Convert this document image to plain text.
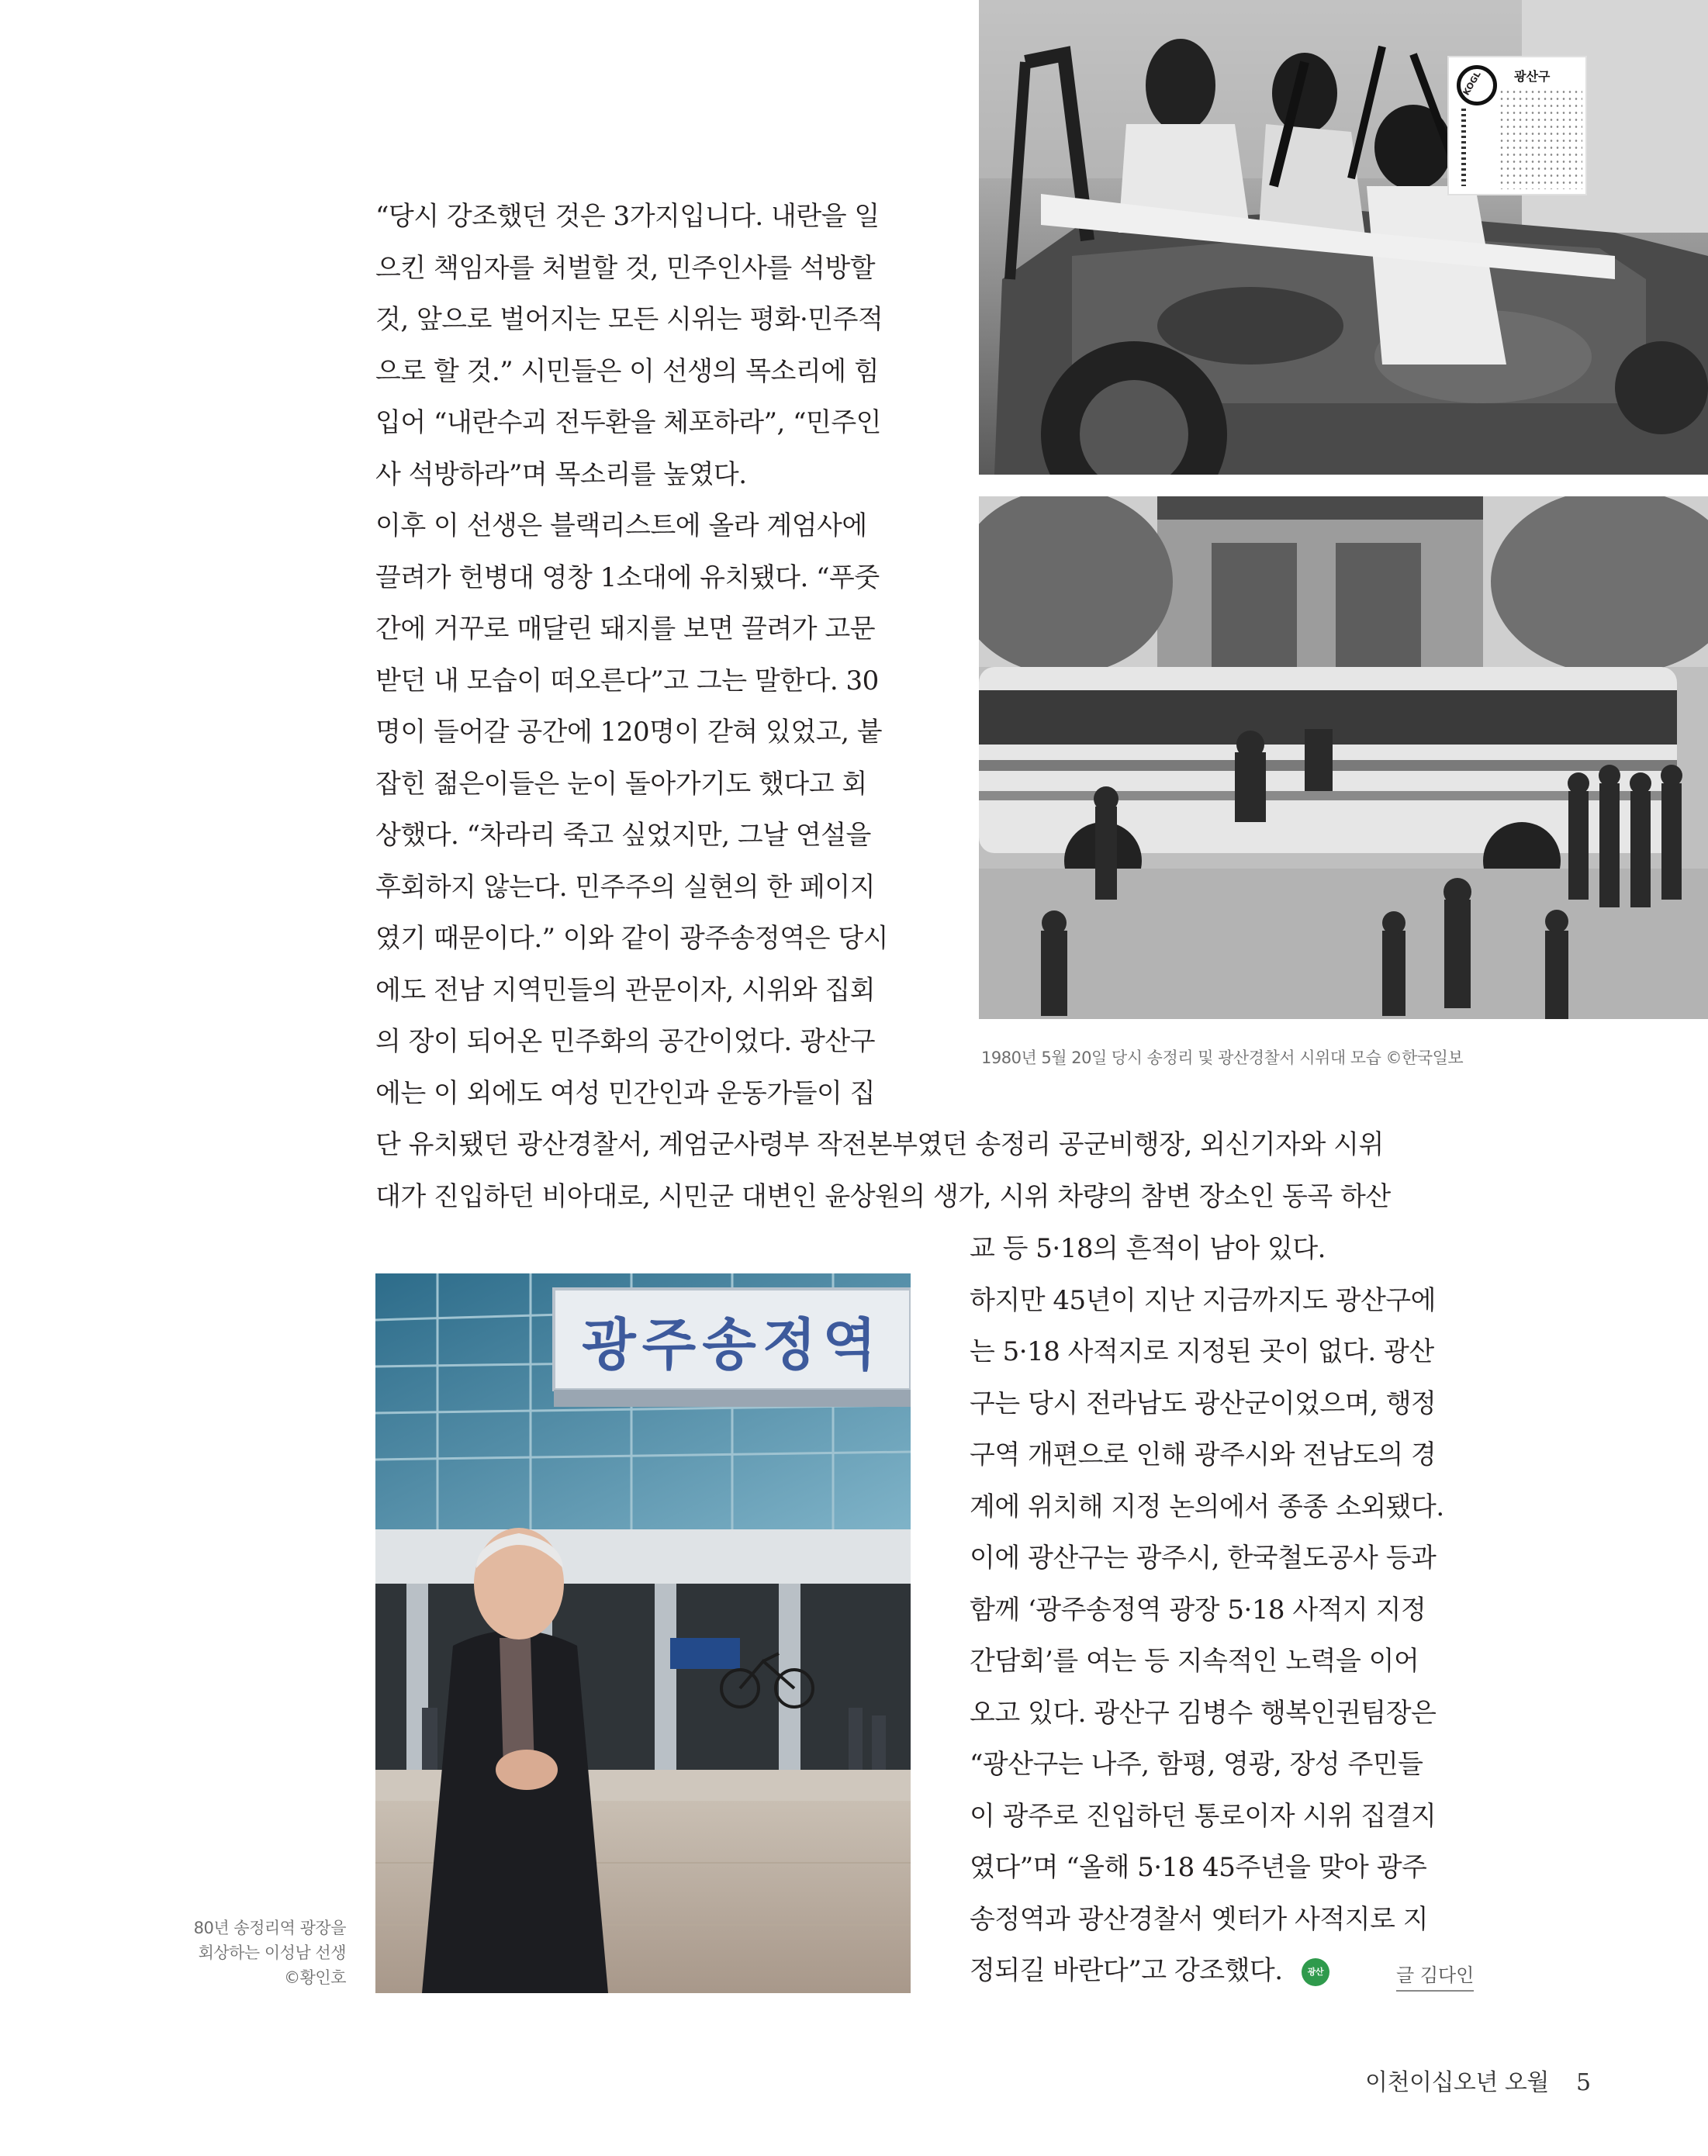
KOGL	광산구
1980년 5월 20일 당시 송정리 및 광산경찰서 시위대 모습 ©한국일보
“당시 강조했던 것은 3가지입니다. 내란을 일
으킨 책임자를 처벌할 것, 민주인사를 석방할
것, 앞으로 벌어지는 모든 시위는 평화·민주적
으로 할 것.” 시민들은 이 선생의 목소리에 힘
입어 “내란수괴 전두환을 체포하라”, “민주인
사 석방하라”며 목소리를 높였다.
이후 이 선생은 블랙리스트에 올라 계엄사에
끌려가 헌병대 영창 1소대에 유치됐다. “푸줏
간에 거꾸로 매달린 돼지를 보면 끌려가 고문
받던 내 모습이 떠오른다”고 그는 말한다. 30
명이 들어갈 공간에 120명이 갇혀 있었고, 붙
잡힌 젊은이들은 눈이 돌아가기도 했다고 회
상했다. “차라리 죽고 싶었지만, 그날 연설을
후회하지 않는다. 민주주의 실현의 한 페이지
였기 때문이다.” 이와 같이 광주송정역은 당시
에도 전남 지역민들의 관문이자, 시위와 집회
의 장이 되어온 민주화의 공간이었다. 광산구
에는 이 외에도 여성 민간인과 운동가들이 집
단 유치됐던 광산경찰서, 계엄군사령부 작전본부였던 송정리 공군비행장, 외신기자와 시위
대가 진입하던 비아대로, 시민군 대변인 윤상원의 생가, 시위 차량의 참변 장소인 동곡 하산
광주송정역
80년 송정리역 광장을
회상하는 이성남 선생
©황인호
교 등 5·18의 흔적이 남아 있다.
하지만 45년이 지난 지금까지도 광산구에
는 5·18 사적지로 지정된 곳이 없다. 광산
구는 당시 전라남도 광산군이었으며, 행정
구역 개편으로 인해 광주시와 전남도의 경
계에 위치해 지정 논의에서 종종 소외됐다.
이에 광산구는 광주시, 한국철도공사 등과
함께 ‘광주송정역 광장 5·18 사적지 지정
간담회’를 여는 등 지속적인 노력을 이어
오고 있다. 광산구 김병수 행복인권팀장은
“광산구는 나주, 함평, 영광, 장성 주민들
이 광주로 진입하던 통로이자 시위 집결지
였다”며 “올해 5·18 45주년을 맞아 광주
송정역과 광산경찰서 옛터가 사적지로 지
정되길 바란다”고 강조했다.	광산	글 김다인
이천이십오년 오월 5
